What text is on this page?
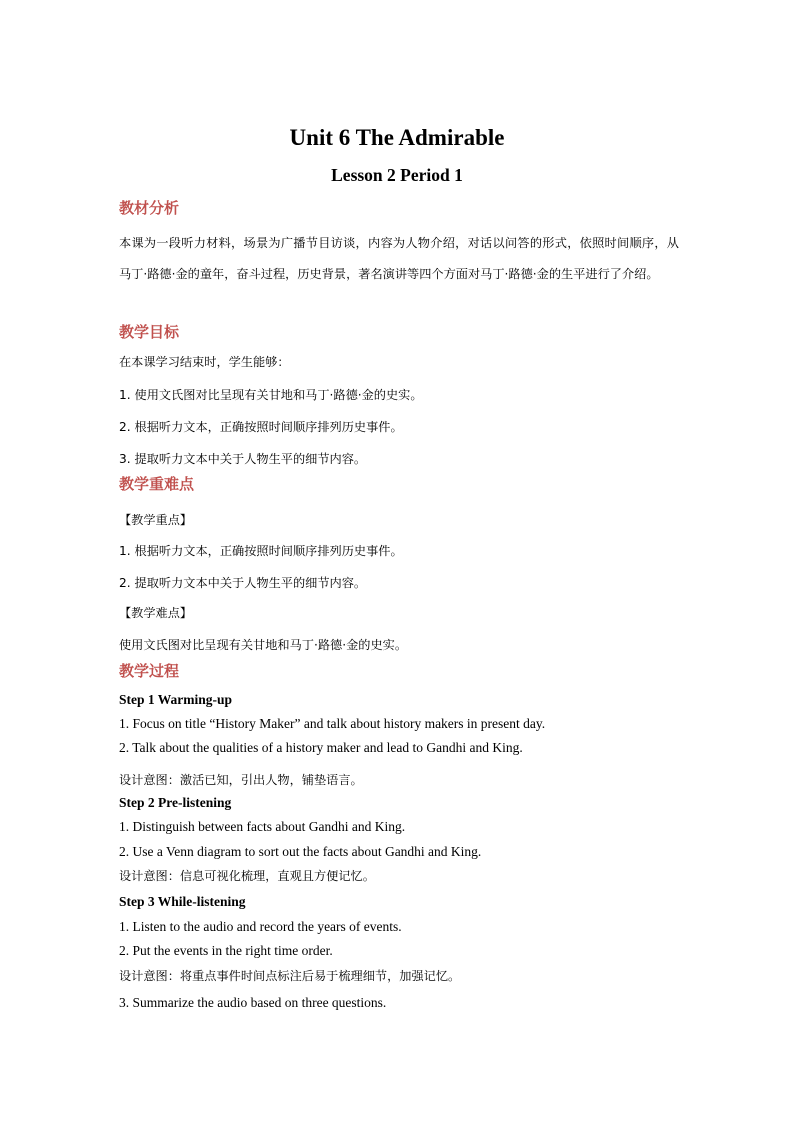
Unit 6 The Admirable
Lesson 2 Period 1
教材分析
本课为一段听力材料，场景为广播节目访谈，内容为人物介绍，对话以问答的形式，依照时间顺序，从马丁·路德·金的童年，奋斗过程，历史背景，著名演讲等四个方面对马丁·路德·金的生平进行了介绍。
教学目标
在本课学习结束时，学生能够：
1. 使用文氏图对比呈现有关甘地和马丁·路德·金的史实。
2. 根据听力文本，正确按照时间顺序排列历史事件。
3. 提取听力文本中关于人物生平的细节内容。
教学重难点
【教学重点】
1. 根据听力文本，正确按照时间顺序排列历史事件。
2. 提取听力文本中关于人物生平的细节内容。
【教学难点】
使用文氏图对比呈现有关甘地和马丁·路德·金的史实。
教学过程
Step 1 Warming-up
1. Focus on title “History Maker” and talk about history makers in present day.
2. Talk about the qualities of a history maker and lead to Gandhi and King.
设计意图：激活已知，引出人物，铺垫语言。
Step 2 Pre-listening
1. Distinguish between facts about Gandhi and King.
2. Use a Venn diagram to sort out the facts about Gandhi and King.
设计意图：信息可视化梳理，直观且方便记忆。
Step 3 While-listening
1. Listen to the audio and record the years of events.
2. Put the events in the right time order.
设计意图：将重点事件时间点标注后易于梳理细节，加强记忆。
3. Summarize the audio based on three questions.
